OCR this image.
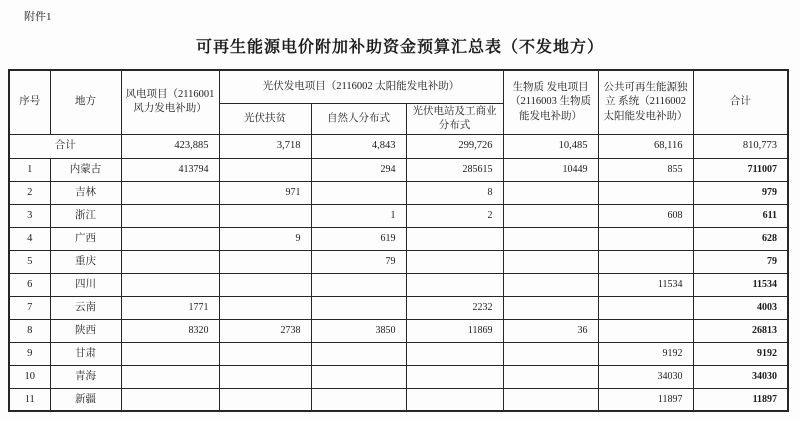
附件1
可再生能源电价附加补助资金预算汇总表（不发地方）
序号	地方	风电项目（2116001 风力发电补助）	光伏发电项目（2116002 太阳能发电补助）			生物质 发电项目（2116003 生物质能发电补助）	公共可再生能源独立 系统（2116002 太阳能发电补助）	合计
			光伏扶贫	自然人分布式	光伏电站及工商业分布式			
合计		423,885	3,718	4,843	299,726	10,485	68,116	810,773
1	内蒙古	413794		294	285615	10449	855	711007
2	吉林		971		8			979
3	浙江			1	2		608	611
4	广西		9	619				628
5	重庆			79				79
6	四川						11534	11534
7	云南	1771			2232			4003
8	陕西	8320	2738	3850	11869	36		26813
9	甘肃						9192	9192
10	青海						34030	34030
11	新疆						11897	11897
